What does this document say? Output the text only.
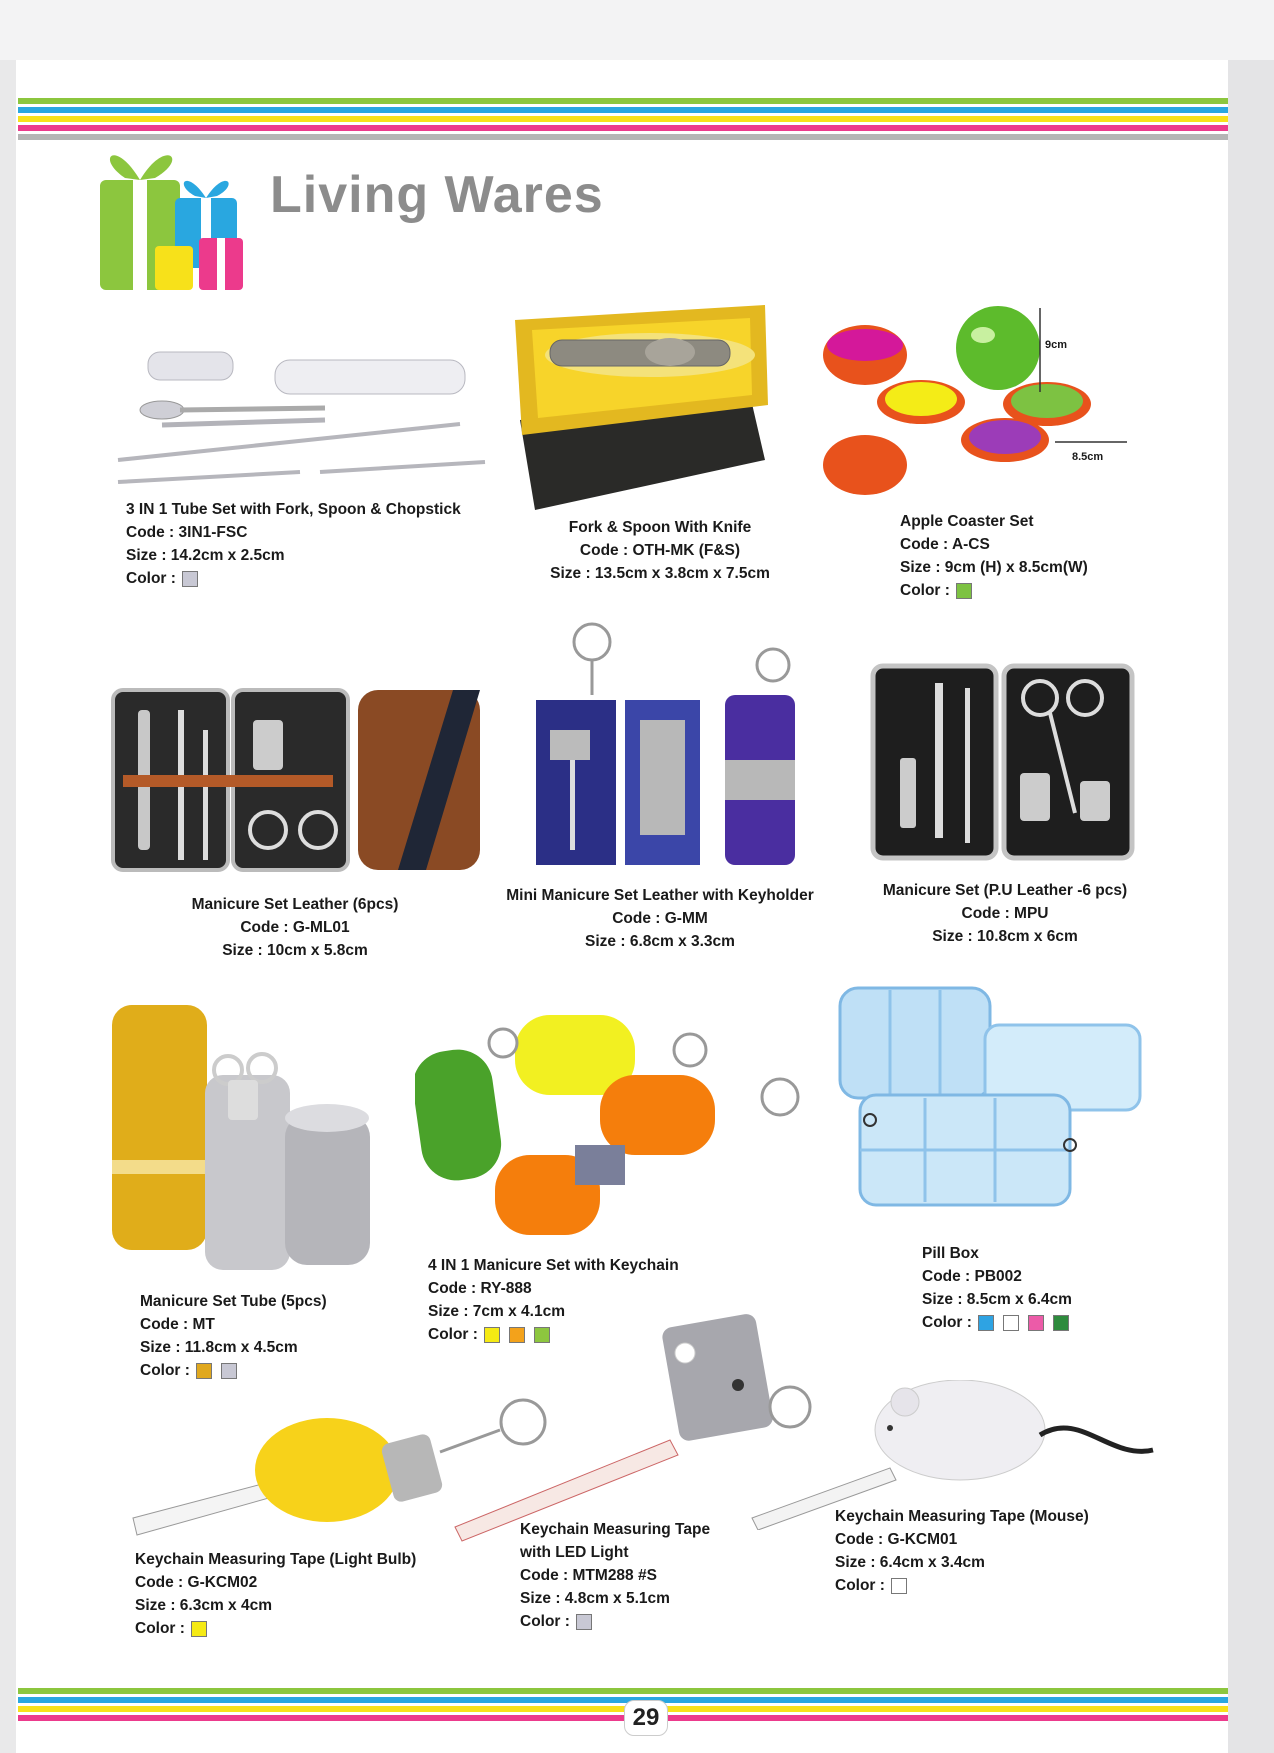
Living Wares
3 IN 1 Tube Set with Fork, Spoon & Chopstick
Code : 3IN1-FSC
Size : 14.2cm x 2.5cm
Color :
Fork & Spoon With Knife
Code : OTH-MK (F&S)
Size : 13.5cm x 3.8cm x 7.5cm
9cm
8.5cm
Apple Coaster Set
Code : A-CS
Size : 9cm (H) x 8.5cm(W)
Color :
Manicure Set Leather (6pcs)
Code : G-ML01
Size : 10cm x 5.8cm
Mini Manicure Set Leather with Keyholder
Code : G-MM
Size : 6.8cm x 3.3cm
Manicure Set (P.U Leather -6 pcs)
Code : MPU
Size : 10.8cm x 6cm
Manicure Set Tube (5pcs)
Code : MT
Size : 11.8cm x 4.5cm
Color :
4 IN 1 Manicure Set with Keychain
Code : RY-888
Size : 7cm x 4.1cm
Color :
Pill Box
Code : PB002
Size : 8.5cm x 6.4cm
Color :
Keychain Measuring Tape (Light Bulb)
Code : G-KCM02
Size : 6.3cm x 4cm
Color :
Keychain Measuring Tape
with LED Light
Code : MTM288 #S
Size : 4.8cm x 5.1cm
Color :
Keychain Measuring Tape (Mouse)
Code : G-KCM01
Size : 6.4cm x 3.4cm
Color :
29
